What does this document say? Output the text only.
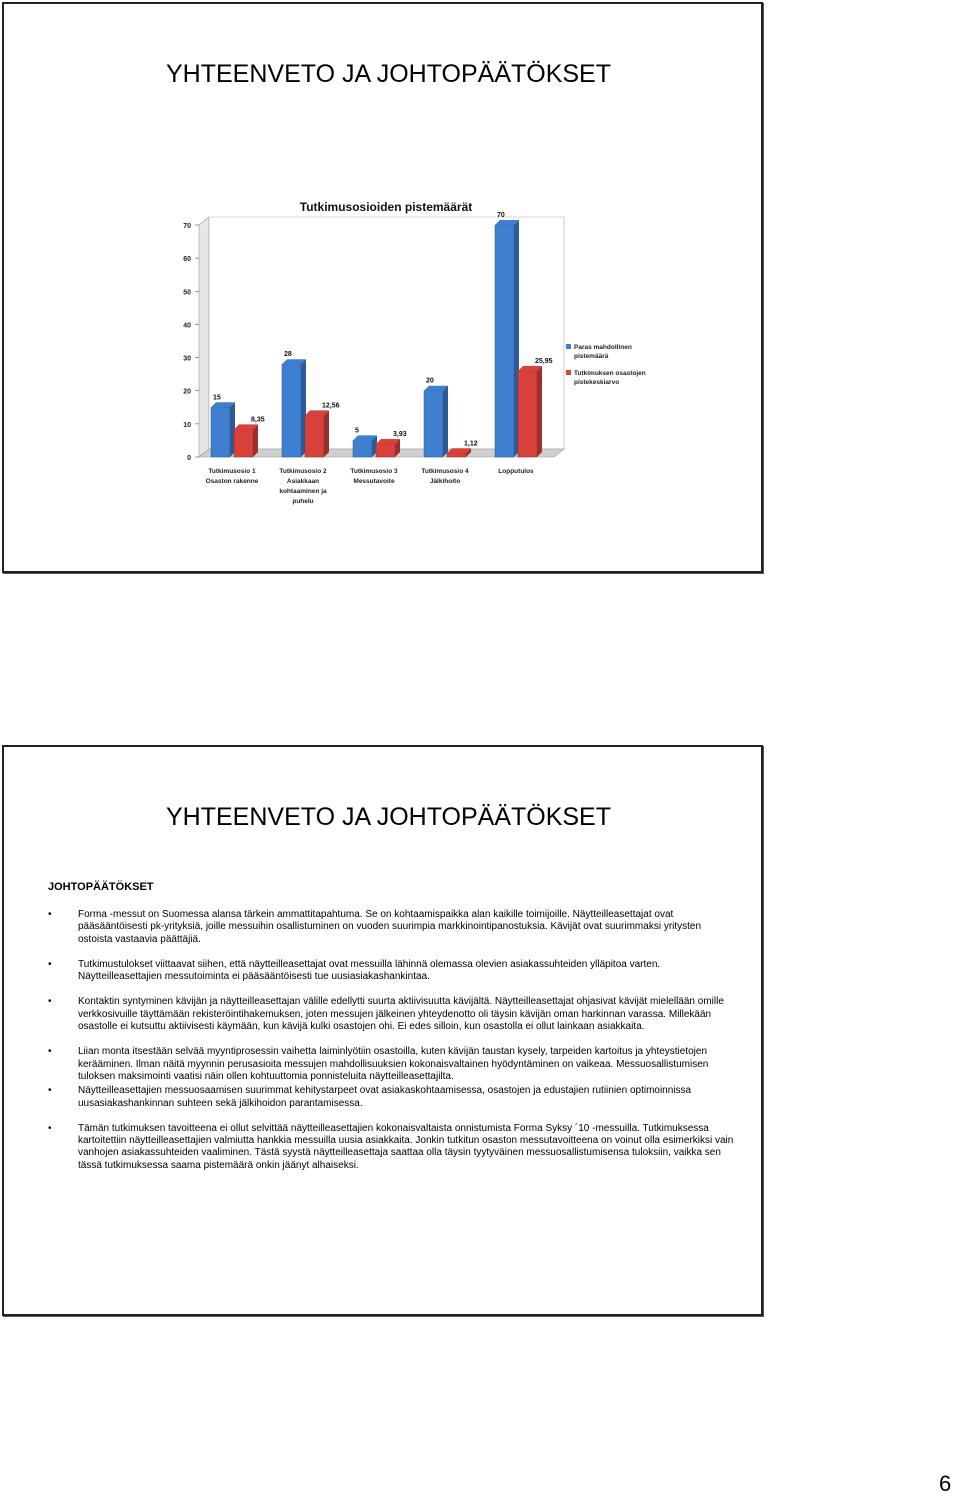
YHTEENVETO JA JOHTOPÄÄTÖKSET
Tutkimusosioiden pistemäärät
0
10
20
30
40
50
60
70
15
8,35
Tutkimusosio 1 Osaston rakenne
28
12,56
Tutkimusosio 2 Asiakkaan kohtaaminen ja puhelu
5
3,93
Tutkimusosio 3 Messutavoite
20
1,12
Tutkimusosio 4 Jälkihoito
70
25,95
Lopputulos
Paras mahdollinen pistemäärä
Tutkimuksen osastojen pistekeskiarvo
YHTEENVETO JA JOHTOPÄÄTÖKSET
JOHTOPÄÄTÖKSET
• Forma -messut on Suomessa alansa tärkein ammattitapahtuma. Se on kohtaamispaikka alan kaikille toimijoille. Näytteilleasettajat ovat pääsääntöisesti pk-yrityksiä, joille messuihin osallistuminen on vuoden suurimpia markkinointipanostuksia. Kävijät ovat suurimmaksi yritysten ostoista vastaavia päättäjiä.
• Tutkimustulokset viittaavat siihen, että näytteilleasettajat ovat messuilla lähinnä olemassa olevien asiakassuhteiden ylläpitoa varten. Näytteilleasettajien messutoiminta ei pääsääntöisesti tue uusiasiakashankintaa.
• Kontaktin syntyminen kävijän ja näytteilleasettajan välille edellytti suurta aktiivisuutta kävijältä. Näytteilleasettajat ohjasivat kävijät mielellään omille verkkosivuille täyttämään rekisteröintihakemuksen, joten messujen jälkeinen yhteydenotto oli täysin kävijän oman harkinnan varassa. Millekään osastolle ei kutsuttu aktiivisesti käymään, kun kävijä kulki osastojen ohi. Ei edes silloin, kun osastolla ei ollut lainkaan asiakkaita.
• Liian monta itsestään selvää myyntiprosessin vaihetta laiminlyötiin osastoilla, kuten kävijän taustan kysely, tarpeiden kartoitus ja yhteystietojen kerääminen. Ilman näitä myynnin perusasioita messujen mahdollisuuksien kokonaisvaltainen hyödyntäminen on vaikeaa. Messuosallistumisen tuloksen maksimointi vaatisi näin ollen kohtuuttomia ponnisteluita näytteilleasettajilta.
• Näytteilleasettajien messuosaamisen suurimmat kehitystarpeet ovat asiakaskohtaamisessa, osastojen ja edustajien rutiinien optimoinnissa uusasiakashankinnan suhteen sekä jälkihoidon parantamisessa.
• Tämän tutkimuksen tavoitteena ei ollut selvittää näytteilleasettajien kokonaisvaltaista onnistumista Forma Syksy ´10 -messuilla. Tutkimuksessa kartoitettiin näytteilleasettajien valmiutta hankkia messuilla uusia asiakkaita. Jonkin tutkitun osaston messutavoitteena on voinut olla esimerkiksi vain vanhojen asiakassuhteiden vaaliminen. Tästä syystä näytteilleasettaja saattaa olla täysin tyytyväinen messuosallistumisensa tuloksiin, vaikka sen tässä tutkimuksessa saama pistemäärä onkin jäänyt alhaiseksi.
6
